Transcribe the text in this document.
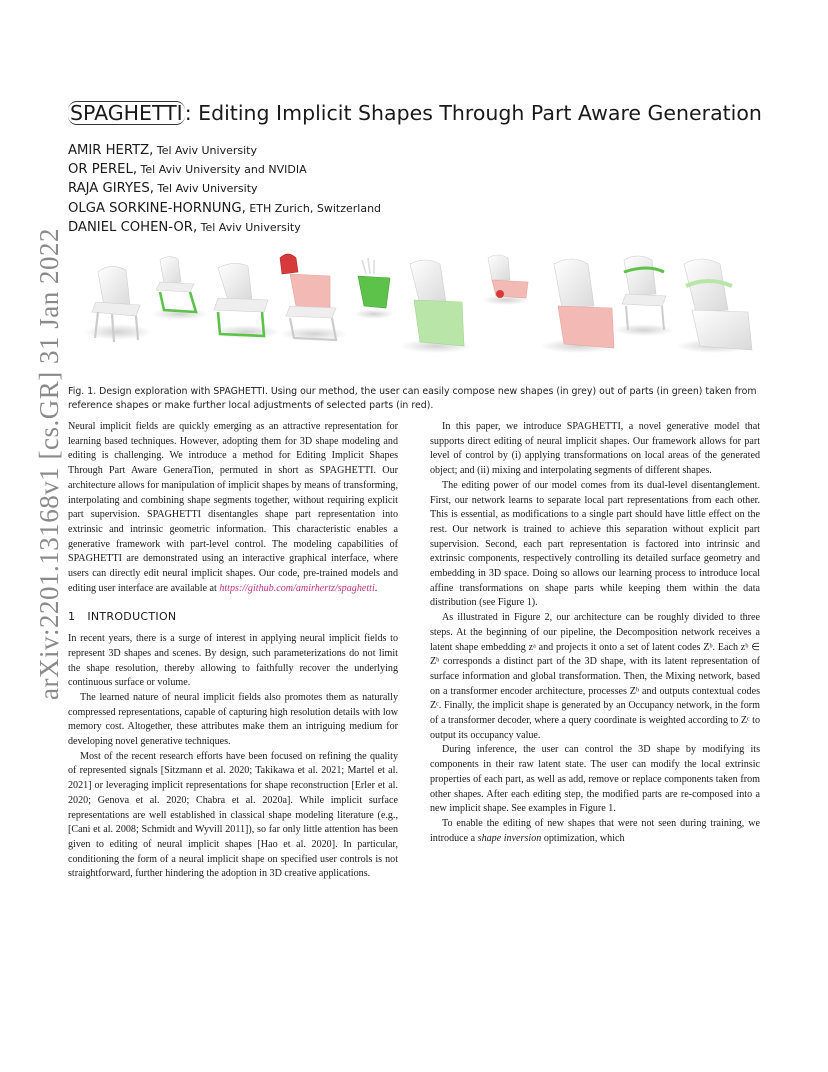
arXiv:2201.13168v1 [cs.GR] 31 Jan 2022
SPAGHETTI: Editing Implicit Shapes Through Part Aware Generation
AMIR HERTZ, Tel Aviv University
OR PEREL, Tel Aviv University and NVIDIA
RAJA GIRYES, Tel Aviv University
OLGA SORKINE-HORNUNG, ETH Zurich, Switzerland
DANIEL COHEN-OR, Tel Aviv University
Fig. 1. Design exploration with SPAGHETTI. Using our method, the user can easily compose new shapes (in grey) out of parts (in green) taken from reference shapes or make further local adjustments of selected parts (in red).

Neural implicit fields are quickly emerging as an attractive representation for learning based techniques. However, adopting them for 3D shape modeling and editing is challenging. We introduce a method for Editing Implicit Shapes Through Part Aware GeneraTion, permuted in short as SPAGHETTI. Our architecture allows for manipulation of implicit shapes by means of transforming, interpolating and combining shape segments together, without requiring explicit part supervision. SPAGHETTI disentangles shape part representation into extrinsic and intrinsic geometric information. This characteristic enables a generative framework with part-level control. The modeling capabilities of SPAGHETTI are demonstrated using an interactive graphical interface, where users can directly edit neural implicit shapes. Our code, pre-trained models and editing user interface are available at https://github.com/amirhertz/spaghetti.

1 INTRODUCTION

In recent years, there is a surge of interest in applying neural implicit fields to represent 3D shapes and scenes. By design, such parameterizations do not limit the shape resolution, thereby allowing to faithfully recover the underlying continuous surface or volume.

The learned nature of neural implicit fields also promotes them as naturally compressed representations, capable of capturing high resolution details with low memory cost. Altogether, these attributes make them an intriguing medium for developing novel generative techniques.

Most of the recent research efforts have been focused on refining the quality of represented signals [Sitzmann et al. 2020; Takikawa et al. 2021; Martel et al. 2021] or leveraging implicit representations for shape reconstruction [Erler et al. 2020; Genova et al. 2020; Chabra et al. 2020a]. While implicit surface representations are well established in classical shape modeling literature (e.g., [Cani et al. 2008; Schmidt and Wyvill 2011]), so far only little attention has been given to editing of neural implicit shapes [Hao et al. 2020]. In particular, conditioning the form of a neural implicit shape on specified user controls is not straightforward, further hindering the adoption in 3D creative applications.

In this paper, we introduce SPAGHETTI, a novel generative model that supports direct editing of neural implicit shapes. Our framework allows for part level of control by (i) applying transformations on local areas of the generated object; and (ii) mixing and interpolating segments of different shapes.

The editing power of our model comes from its dual-level disentanglement. First, our network learns to separate local part representations from each other. This is essential, as modifications to a single part should have little effect on the rest. Our network is trained to achieve this separation without explicit part supervision. Second, each part representation is factored into intrinsic and extrinsic components, respectively controlling its detailed surface geometry and embedding in 3D space. Doing so allows our learning process to introduce local affine transformations on shape parts while keeping them within the data distribution (see Figure 1).

As illustrated in Figure 2, our architecture can be roughly divided to three steps. At the beginning of our pipeline, the Decomposition network receives a latent shape embedding zᵃ and projects it onto a set of latent codes Zᵇ. Each zᵇ ∈ Zᵇ corresponds a distinct part of the 3D shape, with its latent representation of surface information and global transformation. Then, the Mixing network, based on a transformer encoder architecture, processes Zᵇ and outputs contextual codes Zᶜ. Finally, the implicit shape is generated by an Occupancy network, in the form of a transformer decoder, where a query coordinate is weighted according to Zᶜ to output its occupancy value.

During inference, the user can control the 3D shape by modifying its components in their raw latent state. The user can modify the local extrinsic properties of each part, as well as add, remove or replace components taken from other shapes. After each editing step, the modified parts are re-composed into a new implicit shape. See examples in Figure 1.

To enable the editing of new shapes that were not seen during training, we introduce a shape inversion optimization, which
